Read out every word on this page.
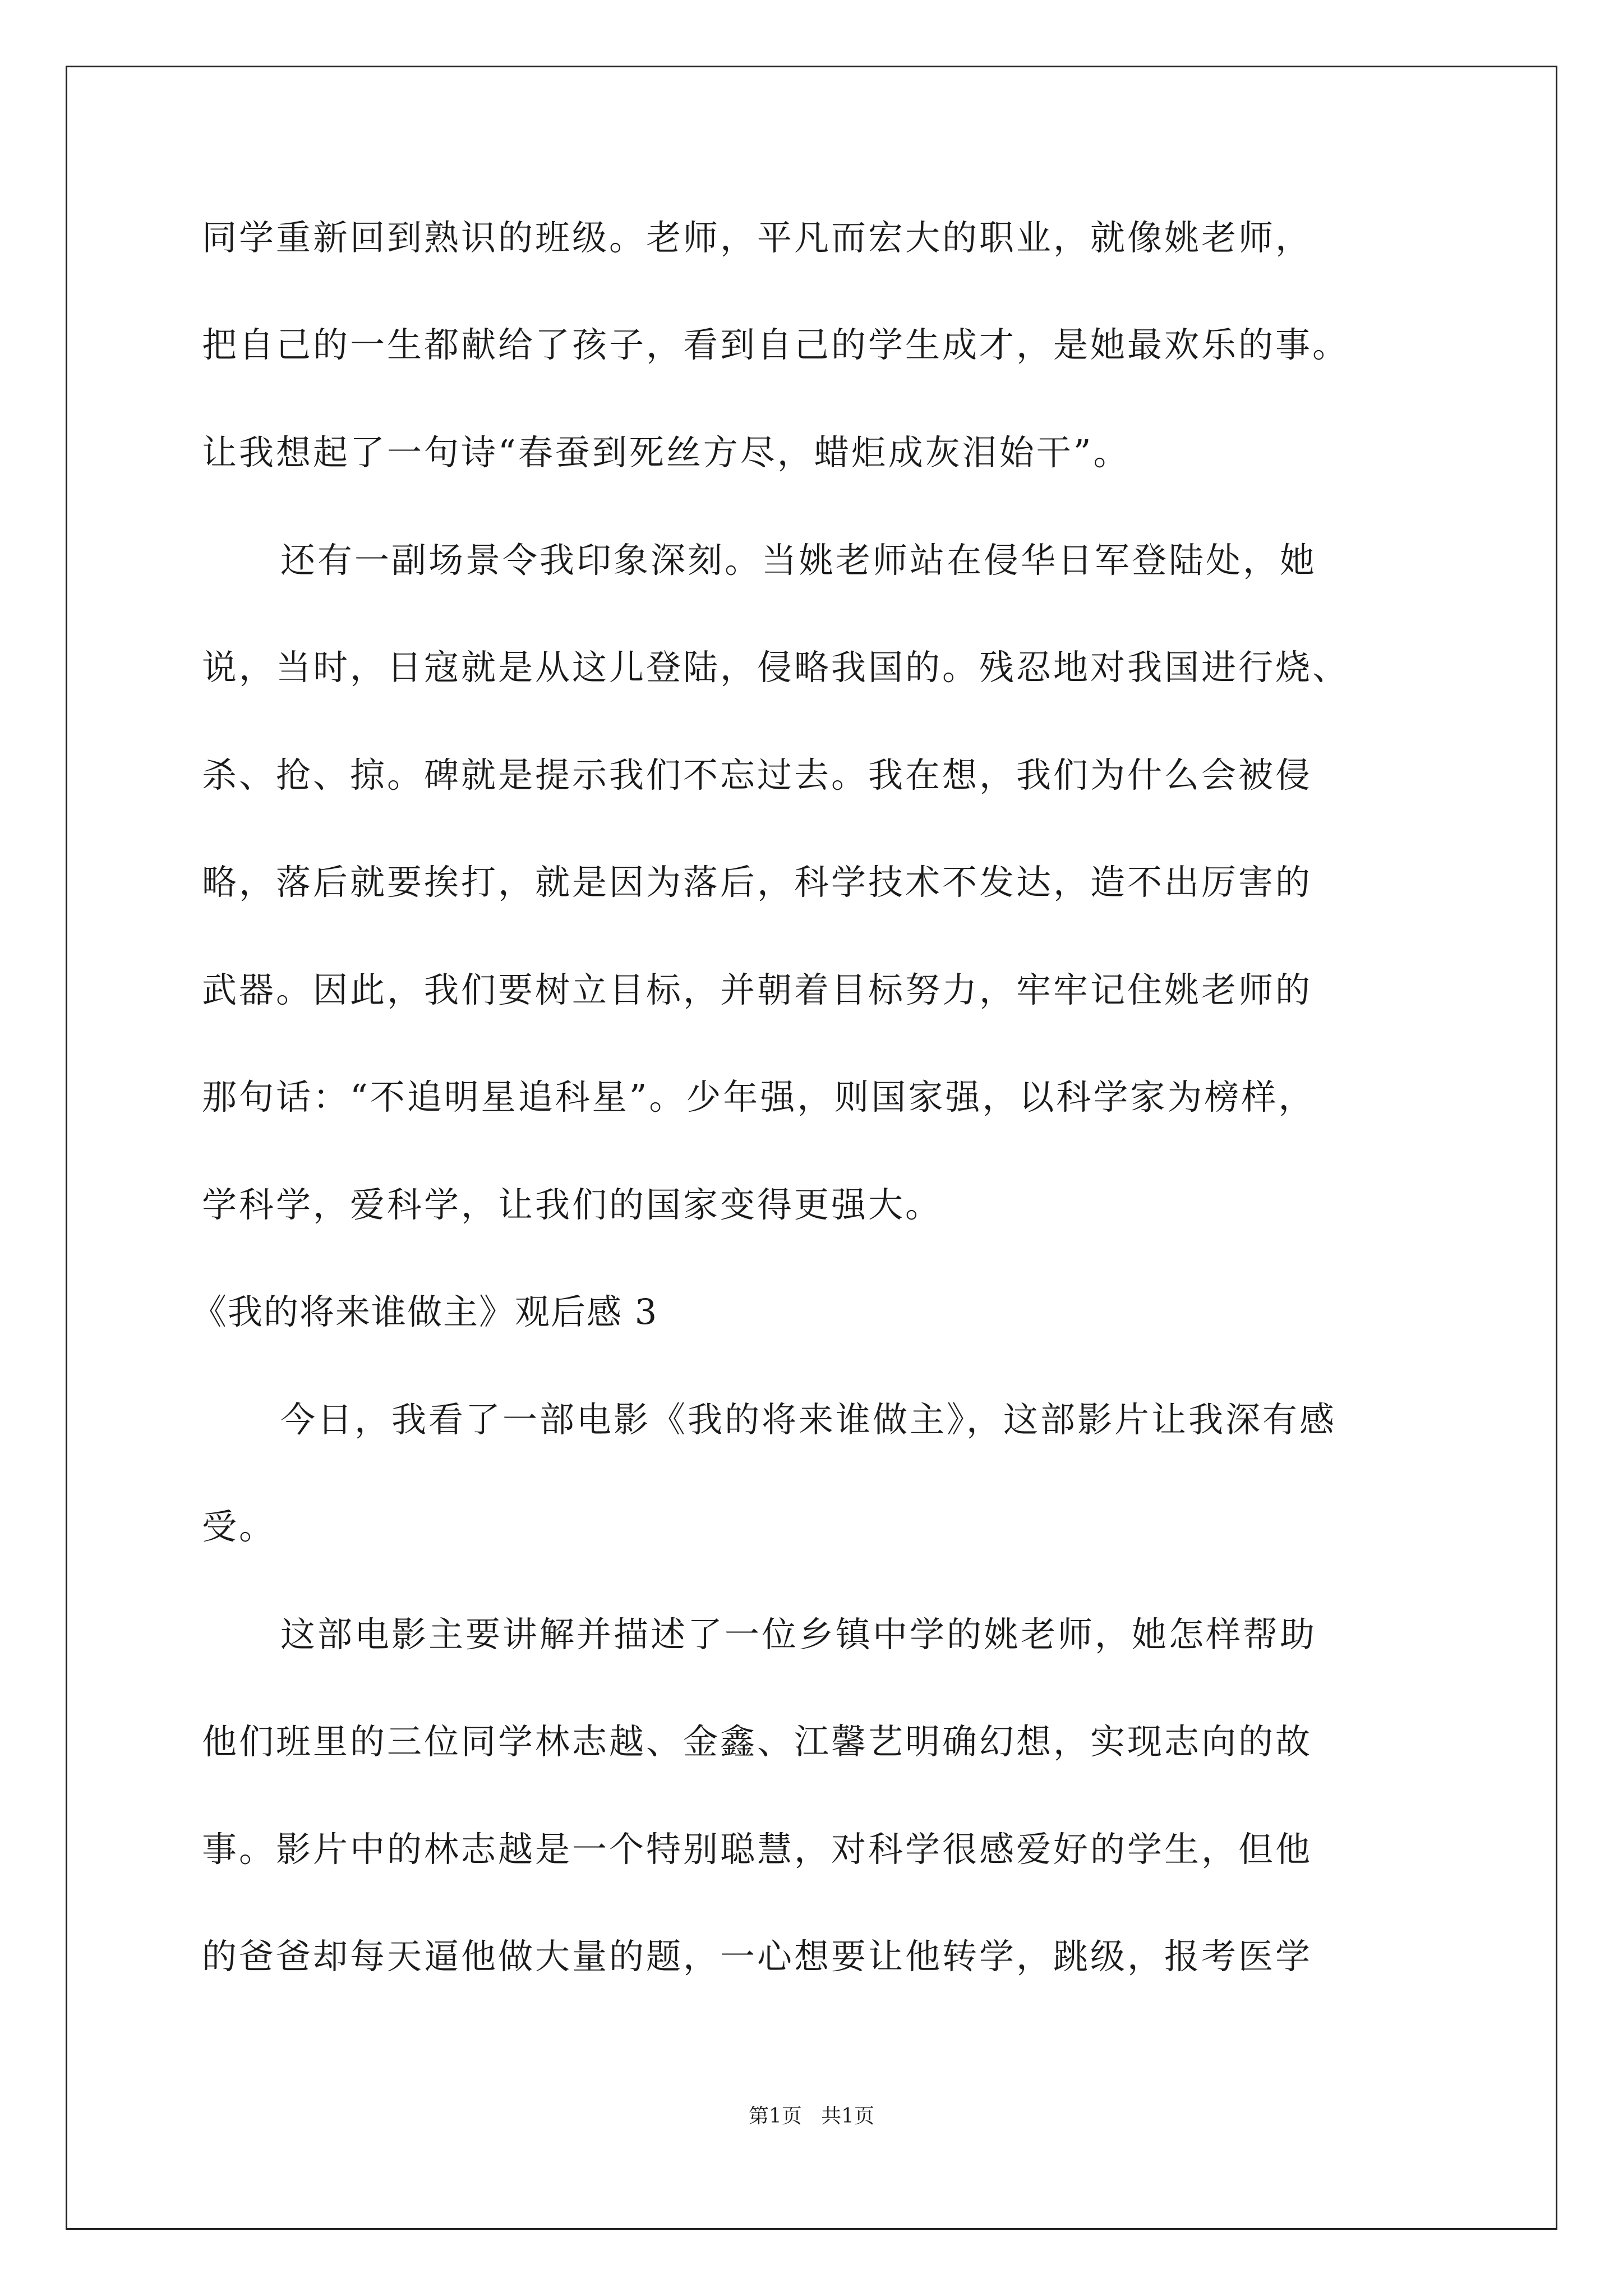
同学重新回到熟识的班级。老师，平凡而宏大的职业，就像姚老师，
把自己的一生都献给了孩子，看到自己的学生成才，是她最欢乐的事。
让我想起了一句诗“春蚕到死丝方尽，蜡炬成灰泪始干”。
还有一副场景令我印象深刻。当姚老师站在侵华日军登陆处，她
说，当时，日寇就是从这儿登陆，侵略我国的。残忍地对我国进行烧、
杀、抢、掠。碑就是提示我们不忘过去。我在想，我们为什么会被侵
略，落后就要挨打，就是因为落后，科学技术不发达，造不出厉害的
武器。因此，我们要树立目标，并朝着目标努力，牢牢记住姚老师的
那句话：“不追明星追科星”。少年强，则国家强，以科学家为榜样，
学科学，爱科学，让我们的国家变得更强大。
《我的将来谁做主》观后感 3
今日，我看了一部电影《我的将来谁做主》，这部影片让我深有感
受。
这部电影主要讲解并描述了一位乡镇中学的姚老师，她怎样帮助
他们班里的三位同学林志越、金鑫、江馨艺明确幻想，实现志向的故
事。影片中的林志越是一个特别聪慧，对科学很感爱好的学生，但他
的爸爸却每天逼他做大量的题，一心想要让他转学，跳级，报考医学
第1页   共1页
